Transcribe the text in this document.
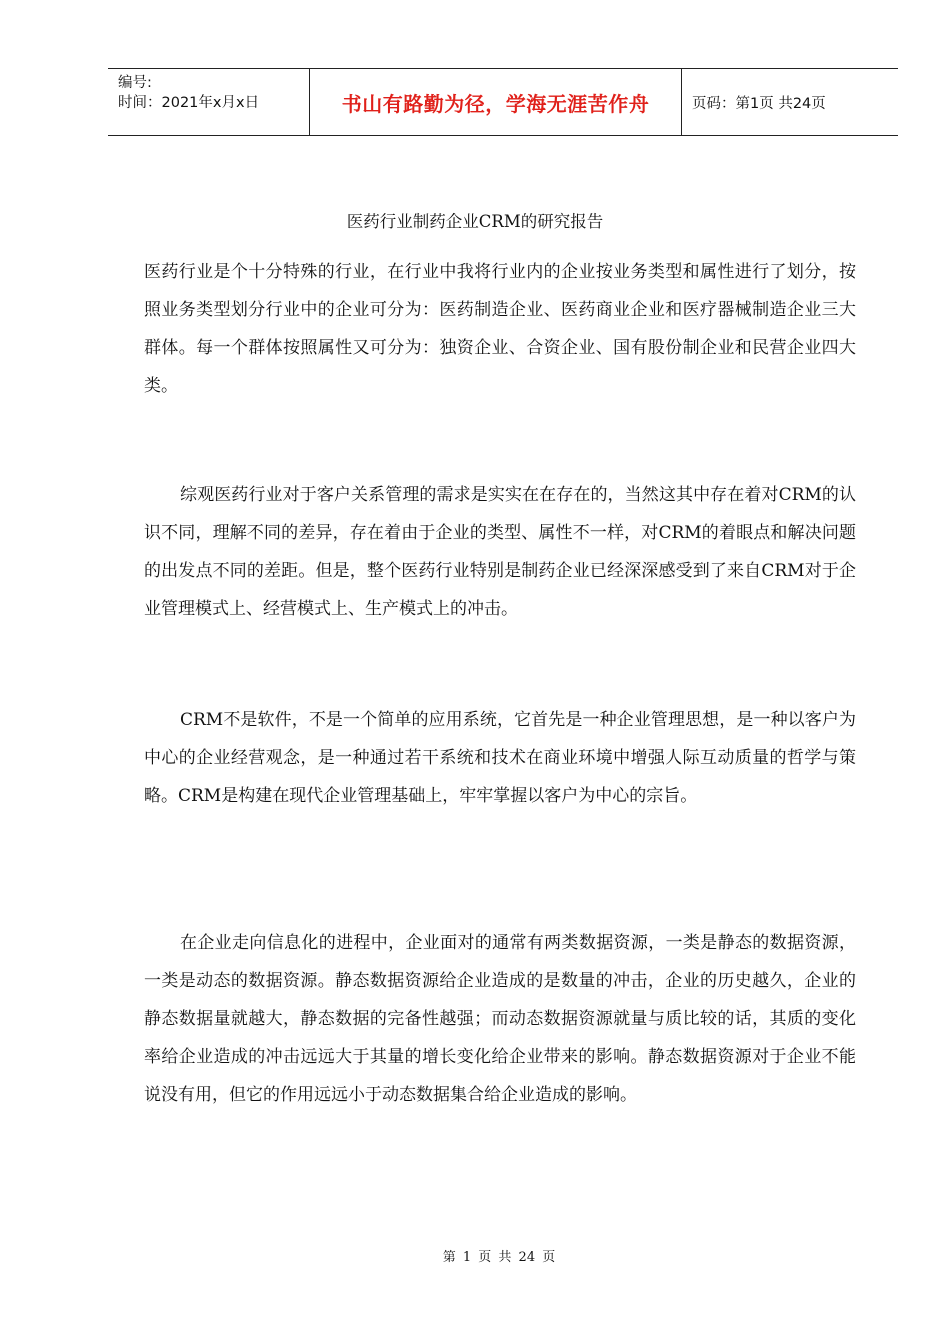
编号:
时间：2021年x月x日	书山有路勤为径，学海无涯苦作舟	页码：第1页 共24页
医药行业制药企业CRM的研究报告

医药行业是个十分特殊的行业，在行业中我将行业内的企业按业务类型和属性进行了划分，按照业务类型划分行业中的企业可分为：医药制造企业、医药商业企业和医疗器械制造企业三大群体。每一个群体按照属性又可分为：独资企业、合资企业、国有股份制企业和民营企业四大类。

综观医药行业对于客户关系管理的需求是实实在在存在的，当然这其中存在着对CRM的认识不同，理解不同的差异，存在着由于企业的类型、属性不一样，对CRM的着眼点和解决问题的出发点不同的差距。但是，整个医药行业特别是制药企业已经深深感受到了来自CRM对于企业管理模式上、经营模式上、生产模式上的冲击。

CRM不是软件，不是一个简单的应用系统，它首先是一种企业管理思想，是一种以客户为中心的企业经营观念，是一种通过若干系统和技术在商业环境中增强人际互动质量的哲学与策略。CRM是构建在现代企业管理基础上，牢牢掌握以客户为中心的宗旨。

在企业走向信息化的进程中，企业面对的通常有两类数据资源，一类是静态的数据资源，一类是动态的数据资源。静态数据资源给企业造成的是数量的冲击，企业的历史越久，企业的静态数据量就越大，静态数据的完备性越强；而动态数据资源就量与质比较的话，其质的变化率给企业造成的冲击远远大于其量的增长变化给企业带来的影响。静态数据资源对于企业不能说没有用，但它的作用远远小于动态数据集合给企业造成的影响。

第 1 页 共 24 页
